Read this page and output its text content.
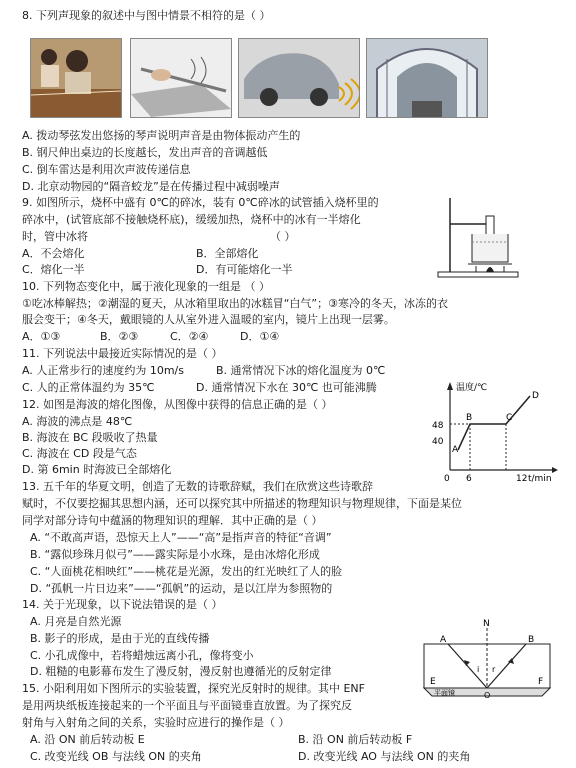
8. 下列声现象的叙述中与图中情景不相符的是（ ）
A. 拨动琴弦发出悠扬的琴声说明声音是由物体振动产生的
B. 钢尺伸出桌边的长度越长，发出声音的音调越低
C. 倒车雷达是利用次声波传递信息
D. 北京动物园的“隔音蛟龙”是在传播过程中减弱噪声
9. 如图所示，烧杯中盛有 0℃的碎冰，装有 0℃碎冰的试管插入烧杯里的
碎冰中，(试管底部不接触烧杯底)，缓缓加热，烧杯中的冰有一半熔化
时，管中冰将	（ ）
A．不会熔化	B．全部熔化
C．熔化一半	D．有可能熔化一半
10. 下列物态变化中，属于液化现象的一组是 （ ）
①吃冰棒解热；②潮湿的夏天，从冰箱里取出的冰糕冒“白气”；③寒冷的冬天，冰冻的衣
服会变干；④冬天，戴眼镜的人从室外进入温暖的室内，镜片上出现一层雾。
A．①③	B．②③	C．②④	D．①④
11. 下列说法中最接近实际情况的是（ ）
A. 人正常步行的速度约为 10m/s	B. 通常情况下冰的熔化温度为 0℃
C. 人的正常体温约为 35℃	D. 通常情况下水在 30℃ 也可能沸腾
12. 如图是海波的熔化图像，从图像中获得的信息正确的是（ ）
A. 海波的沸点是 48℃
B. 海波在 BC 段吸收了热量
C. 海波在 CD 段是气态
D. 第 6min 时海波已全部熔化
温度/℃
12 t/min
6
0
48
40
A
B	C
D
13. 五千年的华夏文明，创造了无数的诗歌辞赋，我们在欣赏这些诗歌辞
赋时，不仅要挖掘其思想内涵，还可以探究其中所描述的物理知识与物理规律，下面是某位
同学对部分诗句中蕴涵的物理知识的理解．其中正确的是（ ）
A. “不敢高声语，恐惊天上人”——“高”是指声音的特征“音调”
B. “露似珍珠月似弓”——露实际是小水珠，是由冰熔化形成
C. “人面桃花相映红”——桃花是光源，发出的红光映红了人的脸
D. “孤帆一片日边来”——“孤帆”的运动，是以江岸为参照物的
14. 关于光现象，以下说法错误的是（ ）
A. 月亮是自然光源
B. 影子的形成，是由于光的直线传播
C. 小孔成像中，若将蜡烛远离小孔，像将变小
D. 粗糙的电影幕布发生了漫反射，漫反射也遵循光的反射定律
A
N
B
E	F
O
i r
平面镜
15. 小阳利用如下图所示的实验装置，探究光反射时的规律。其中 ENF
是用两块纸板连接起来的一个平面且与平面镜垂直放置。为了探究反
射角与入射角之间的关系，实验时应进行的操作是（ ）
A. 沿 ON 前后转动板 E	B. 沿 ON 前后转动板 F
C. 改变光线 OB 与法线 ON 的夹角	D. 改变光线 AO 与法线 ON 的夹角
